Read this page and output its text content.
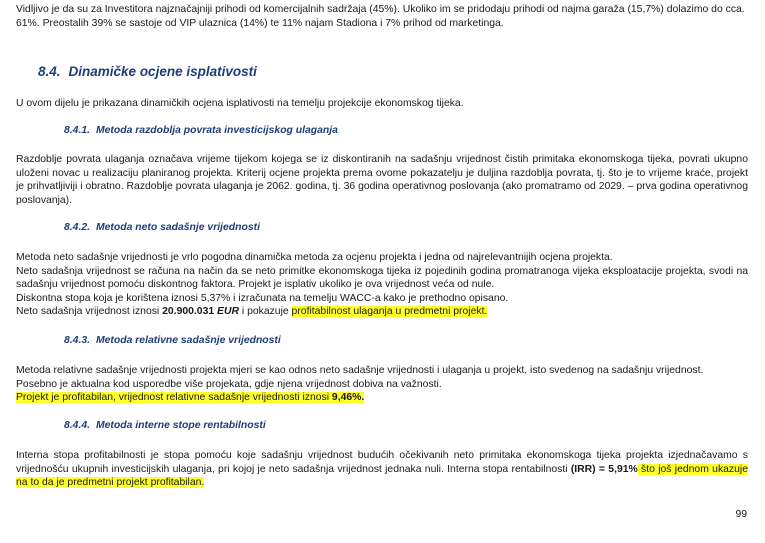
Vidljivo je da su za Investitora najznačajniji prihodi od komercijalnih sadržaja (45%). Ukoliko im se pridodaju prihodi od najma garaža (15,7%) dolazimo do cca.

61%. Preostalih 39% se sastoje od VIP ulaznica (14%) te 11% najam Stadiona i 7% prihod od marketinga.

8.4. Dinamičke ocjene isplativosti

U ovom dijelu je prikazana dinamičkih ocjena isplativosti na temelju projekcije ekonomskog tijeka.

8.4.1. Metoda razdoblja povrata investicijskog ulaganja

Razdoblje povrata ulaganja označava vrijeme tijekom kojega se iz diskontiranih na sadašnju vrijednost čistih primitaka ekonomskoga tijeka, povrati ukupno uloženi novac u realizaciju planiranog projekta. Kriterij ocjene projekta prema ovome pokazatelju je duljina razdoblja povrata, tj. što je to vrijeme kraće, projekt je prihvatljiviji i obratno. Razdoblje povrata ulaganja je 2062. godina, tj. 36 godina operativnog poslovanja (ako promatramo od 2029. – prva godina operativnog poslovanja).

8.4.2. Metoda neto sadašnje vrijednosti

Metoda neto sadašnje vrijednosti je vrlo pogodna dinamička metoda za ocjenu projekta i jedna od najrelevantnijih ocjena projekta.

Neto sadašnja vrijednost se računa na način da se neto primitke ekonomskoga tijeka iz pojedinih godina promatranoga vijeka eksploatacije projekta, svodi na sadašnju vrijednost pomoću diskontnog faktora. Projekt je isplativ ukoliko je ova vrijednost veća od nule.

Diskontna stopa koja je korištena iznosi 5,37% i izračunata na temelju WACC-a kako je prethodno opisano.

Neto sadašnja vrijednost iznosi 20.900.031 EUR i pokazuje profitabilnost ulaganja u predmetni projekt.

8.4.3. Metoda relativne sadašnje vrijednosti

Metoda relativne sadašnje vrijednosti projekta mjeri se kao odnos neto sadašnje vrijednosti i ulaganja u projekt, isto svedenog na sadašnju vrijednost.

Posebno je aktualna kod usporedbe više projekata, gdje njena vrijednost dobiva na važnosti.

Projekt je profitabilan, vrijednost relativne sadašnje vrijednosti iznosi 9,46%.

8.4.4. Metoda interne stope rentabilnosti

Interna stopa profitabilnosti je stopa pomoću koje sadašnju vrijednost budućih očekivanih neto primitaka ekonomskoga tijeka projekta izjednačavamo s vrijednošću ukupnih investicijskih ulaganja, pri kojoj je neto sadašnja vrijednost jednaka nuli. Interna stopa rentabilnosti (IRR) = 5,91% što još jednom ukazuje na to da je predmetni projekt profitabilan.

99
